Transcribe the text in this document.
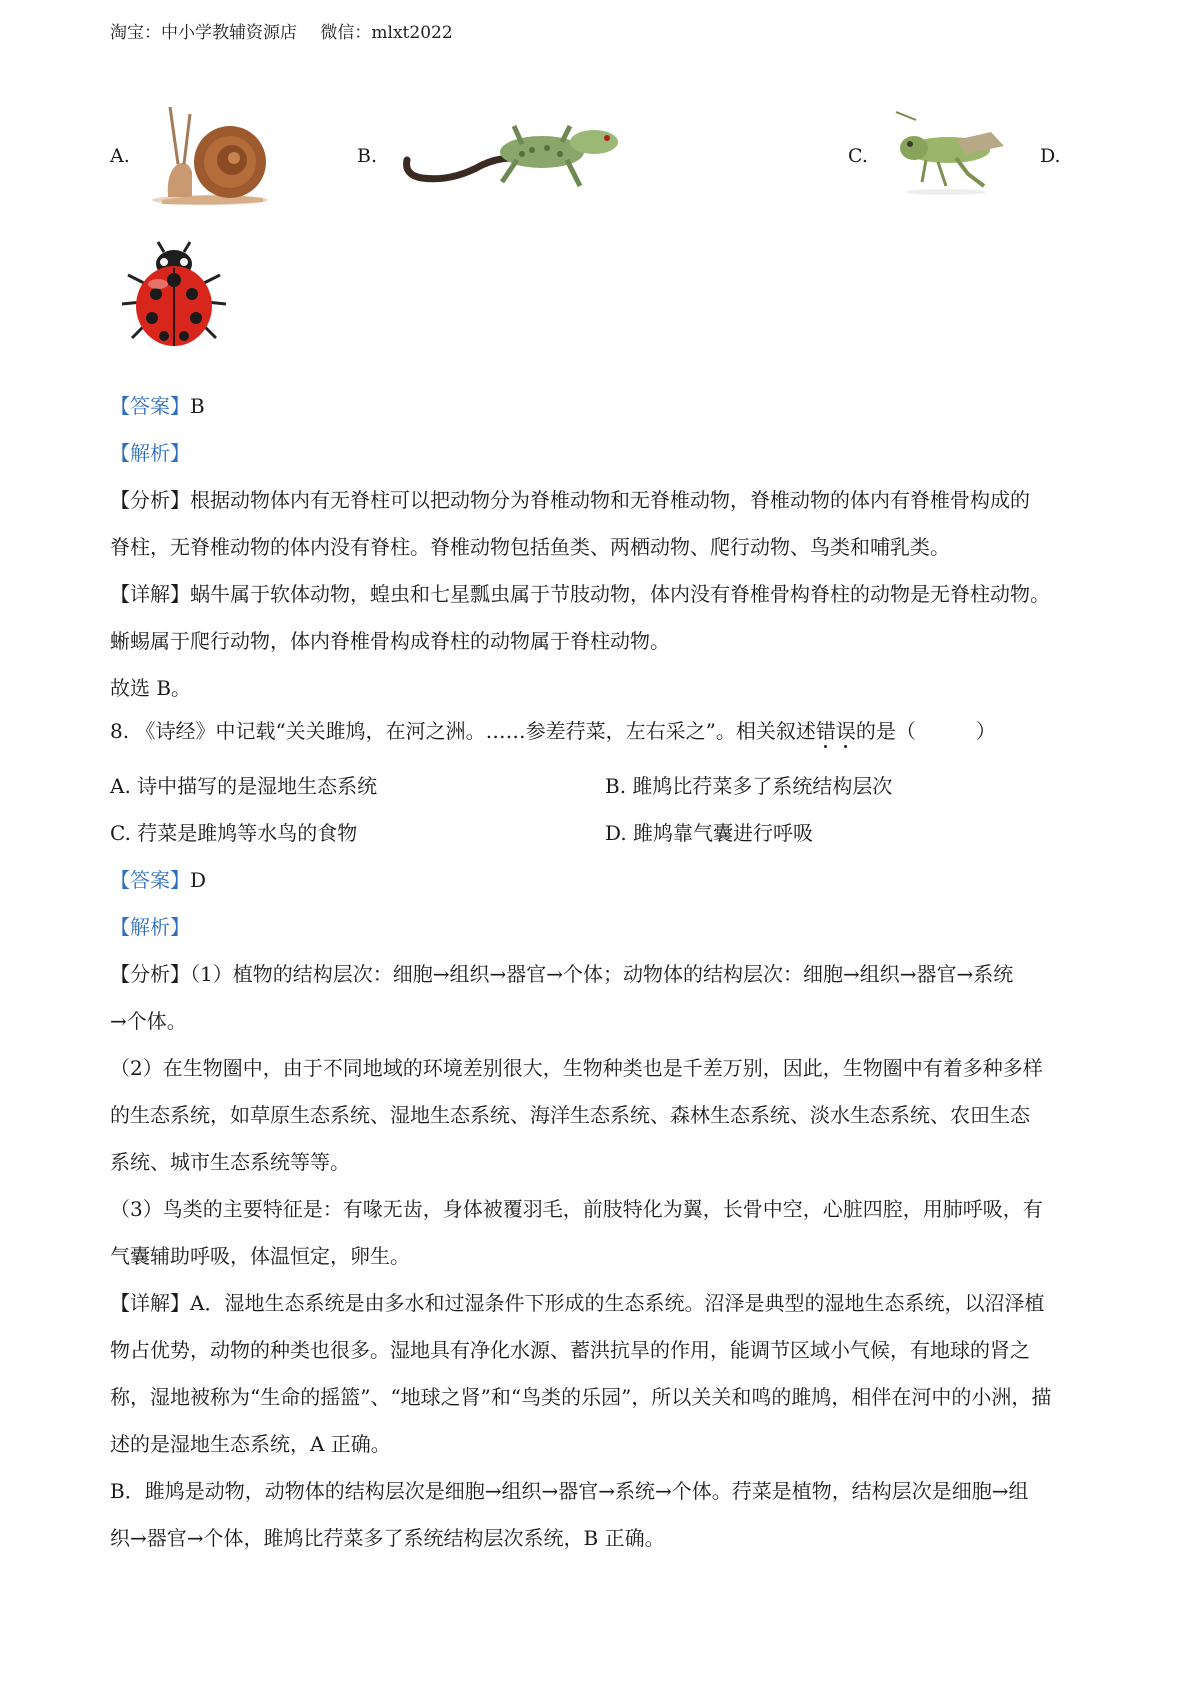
淘宝：中小学教辅资源店 微信：mlxt2022
A.	B.	C.	D.
【答案】B
【解析】
【分析】根据动物体内有无脊柱可以把动物分为脊椎动物和无脊椎动物，脊椎动物的体内有脊椎骨构成的
脊柱，无脊椎动物的体内没有脊柱。脊椎动物包括鱼类、两栖动物、爬行动物、鸟类和哺乳类。
【详解】蜗牛属于软体动物，蝗虫和七星瓢虫属于节肢动物，体内没有脊椎骨构脊柱的动物是无脊柱动物。
蜥蜴属于爬行动物，体内脊椎骨构成脊柱的动物属于脊柱动物。
故选 B。
8. 《诗经》中记载“关关雎鸠，在河之洲。……参差荇菜，左右采之”。相关叙述错误的是（　　　）
A. 诗中描写的是湿地生态系统	B. 雎鸠比荇菜多了系统结构层次
C. 荇菜是雎鸠等水鸟的食物	D. 雎鸠靠气囊进行呼吸
【答案】D
【解析】
【分析】（1）植物的结构层次：细胞→组织→器官→个体；动物体的结构层次：细胞→组织→器官→系统
→个体。
（2）在生物圈中，由于不同地域的环境差别很大，生物种类也是千差万别，因此，生物圈中有着多种多样
的生态系统，如草原生态系统、湿地生态系统、海洋生态系统、森林生态系统、淡水生态系统、农田生态
系统、城市生态系统等等。
（3）鸟类的主要特征是：有喙无齿，身体被覆羽毛，前肢特化为翼，长骨中空，心脏四腔，用肺呼吸，有
气囊辅助呼吸，体温恒定，卵生。
【详解】A．湿地生态系统是由多水和过湿条件下形成的生态系统。沼泽是典型的湿地生态系统，以沼泽植
物占优势，动物的种类也很多。湿地具有净化水源、蓄洪抗旱的作用，能调节区域小气候，有地球的肾之
称，湿地被称为“生命的摇篮”、“地球之肾”和“鸟类的乐园”，所以关关和鸣的雎鸠，相伴在河中的小洲，描
述的是湿地生态系统，A 正确。
B．雎鸠是动物，动物体的结构层次是细胞→组织→器官→系统→个体。荇菜是植物，结构层次是细胞→组
织→器官→个体，雎鸠比荇菜多了系统结构层次系统，B 正确。
